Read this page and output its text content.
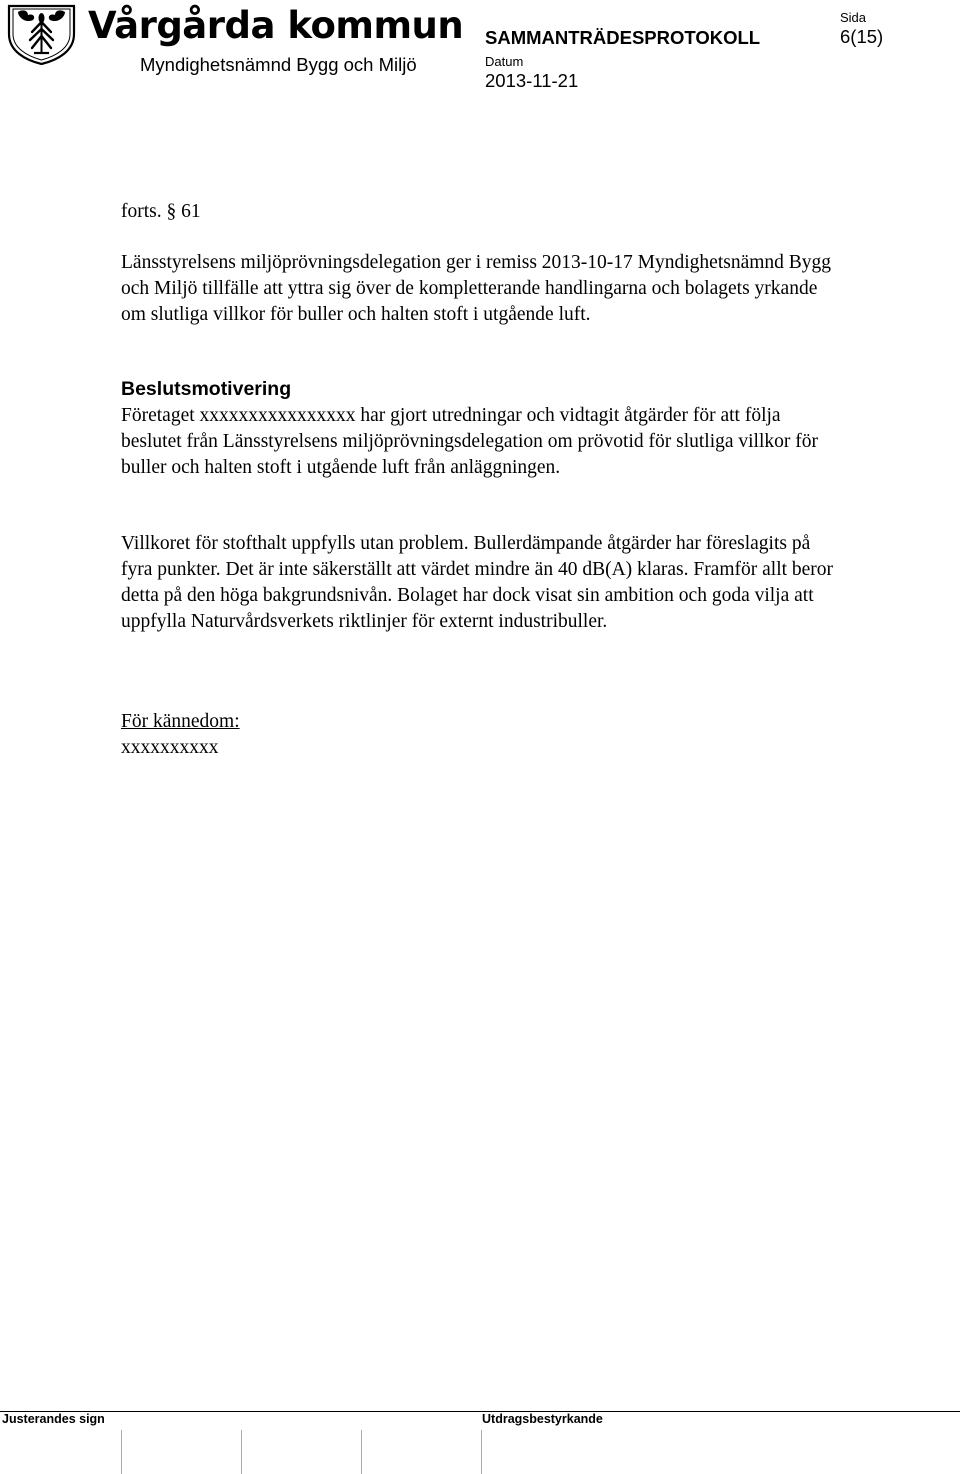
Vårgårda kommun
Myndighetsnämnd Bygg och Miljö
SAMMANTRÄDESPROTOKOLL
Sida
6(15)
Datum
2013-11-21

forts. § 61

Länsstyrelsens miljöprövningsdelegation ger i remiss 2013-10-17 Myndighetsnämnd Bygg och Miljö tillfälle att yttra sig över de kompletterande handlingarna och bolagets yrkande om slutliga villkor för buller och halten stoft i utgående luft.

Beslutsmotivering

Företaget xxxxxxxxxxxxxxxx har gjort utredningar och vidtagit åtgärder för att följa beslutet från Länsstyrelsens miljöprövningsdelegation om prövotid för slutliga villkor för buller och halten stoft i utgående luft från anläggningen.

Villkoret för stofthalt uppfylls utan problem. Bullerdämpande åtgärder har föreslagits på fyra punkter. Det är inte säkerställt att värdet mindre än 40 dB(A) klaras. Framför allt beror detta på den höga bakgrundsnivån. Bolaget har dock visat sin ambition och goda vilja att uppfylla Naturvårdsverkets riktlinjer för externt industribuller.

För kännedom:
xxxxxxxxxx
Justerandes sign	Utdragsbestyrkande
